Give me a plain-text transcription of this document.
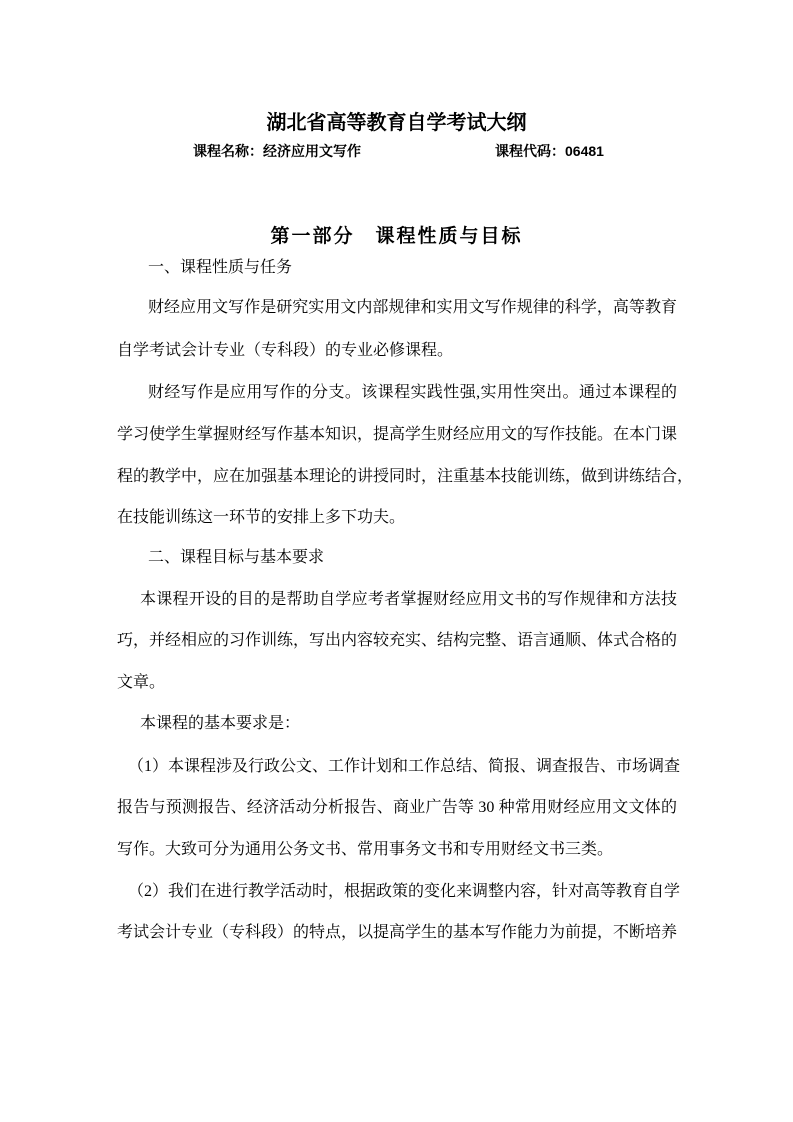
湖北省高等教育自学考试大纲
课程名称：经济应用文写作	课程代码：06481
第一部分　课程性质与目标
一、课程性质与任务
财经应用文写作是研究实用文内部规律和实用文写作规律的科学，高等教育
自学考试会计专业（专科段）的专业必修课程。
财经写作是应用写作的分支。该课程实践性强,实用性突出。通过本课程的
学习使学生掌握财经写作基本知识，提高学生财经应用文的写作技能。在本门课
程的教学中，应在加强基本理论的讲授同时，注重基本技能训练，做到讲练结合，
在技能训练这一环节的安排上多下功夫。
二、课程目标与基本要求
本课程开设的目的是帮助自学应考者掌握财经应用文书的写作规律和方法技
巧，并经相应的习作训练，写出内容较充实、结构完整、语言通顺、体式合格的
文章。
本课程的基本要求是：
（1）本课程涉及行政公文、工作计划和工作总结、简报、调查报告、市场调查
报告与预测报告、经济活动分析报告、商业广告等 30 种常用财经应用文文体的
写作。大致可分为通用公务文书、常用事务文书和专用财经文书三类。
（2）我们在进行教学活动时，根据政策的变化来调整内容，针对高等教育自学
考试会计专业（专科段）的特点，以提高学生的基本写作能力为前提，不断培养
